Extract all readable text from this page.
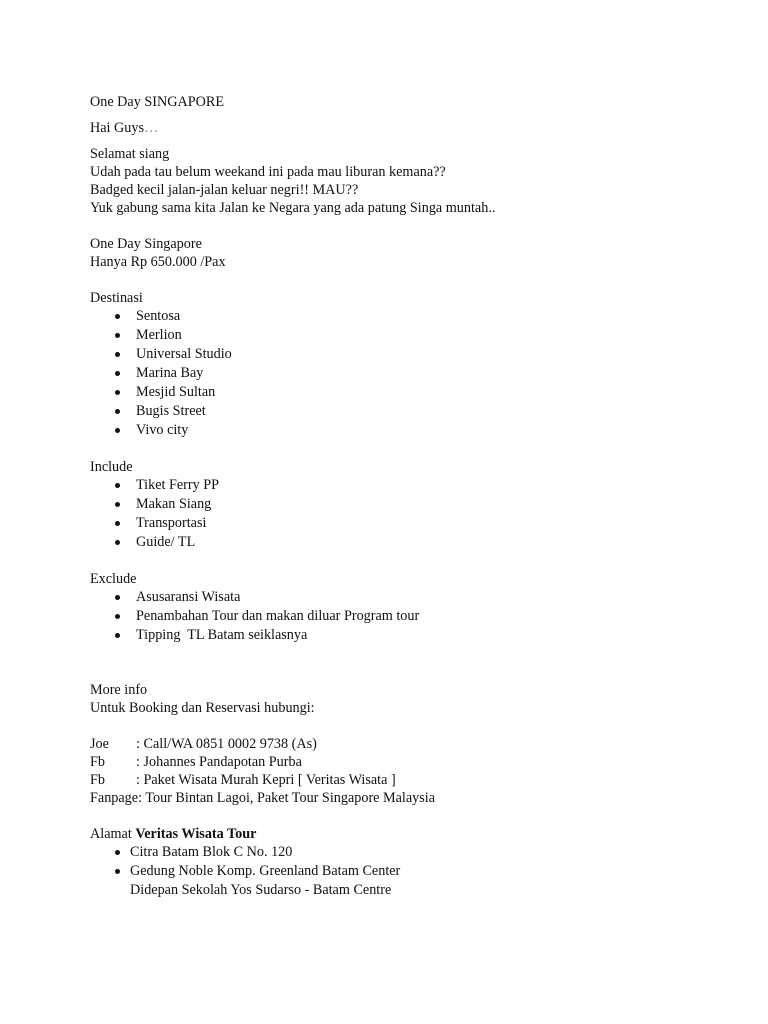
One Day SINGAPORE
Hai Guys…
Selamat siang
Udah pada tau belum weekand ini pada mau liburan kemana??
Badged kecil jalan-jalan keluar negri!! MAU??
Yuk gabung sama kita Jalan ke Negara yang ada patung Singa muntah..
One Day Singapore
Hanya Rp 650.000 /Pax
Destinasi
Sentosa
Merlion
Universal Studio
Marina Bay
Mesjid Sultan
Bugis Street
Vivo city
Include
Tiket Ferry PP
Makan Siang
Transportasi
Guide/ TL
Exclude
Asusaransi Wisata
Penambahan Tour dan makan diluar Program tour
Tipping  TL Batam seiklasnya
More info
Untuk Booking dan Reservasi hubungi:
Joe	: Call/WA 0851 0002 9738 (As)
Fb	: Johannes Pandapotan Purba
Fb	: Paket Wisata Murah Kepri [ Veritas Wisata ]
Fanpage: Tour Bintan Lagoi, Paket Tour Singapore Malaysia
Alamat Veritas Wisata Tour
Citra Batam Blok C No. 120
Gedung Noble Komp. Greenland Batam Center
Didepan Sekolah Yos Sudarso - Batam Centre
